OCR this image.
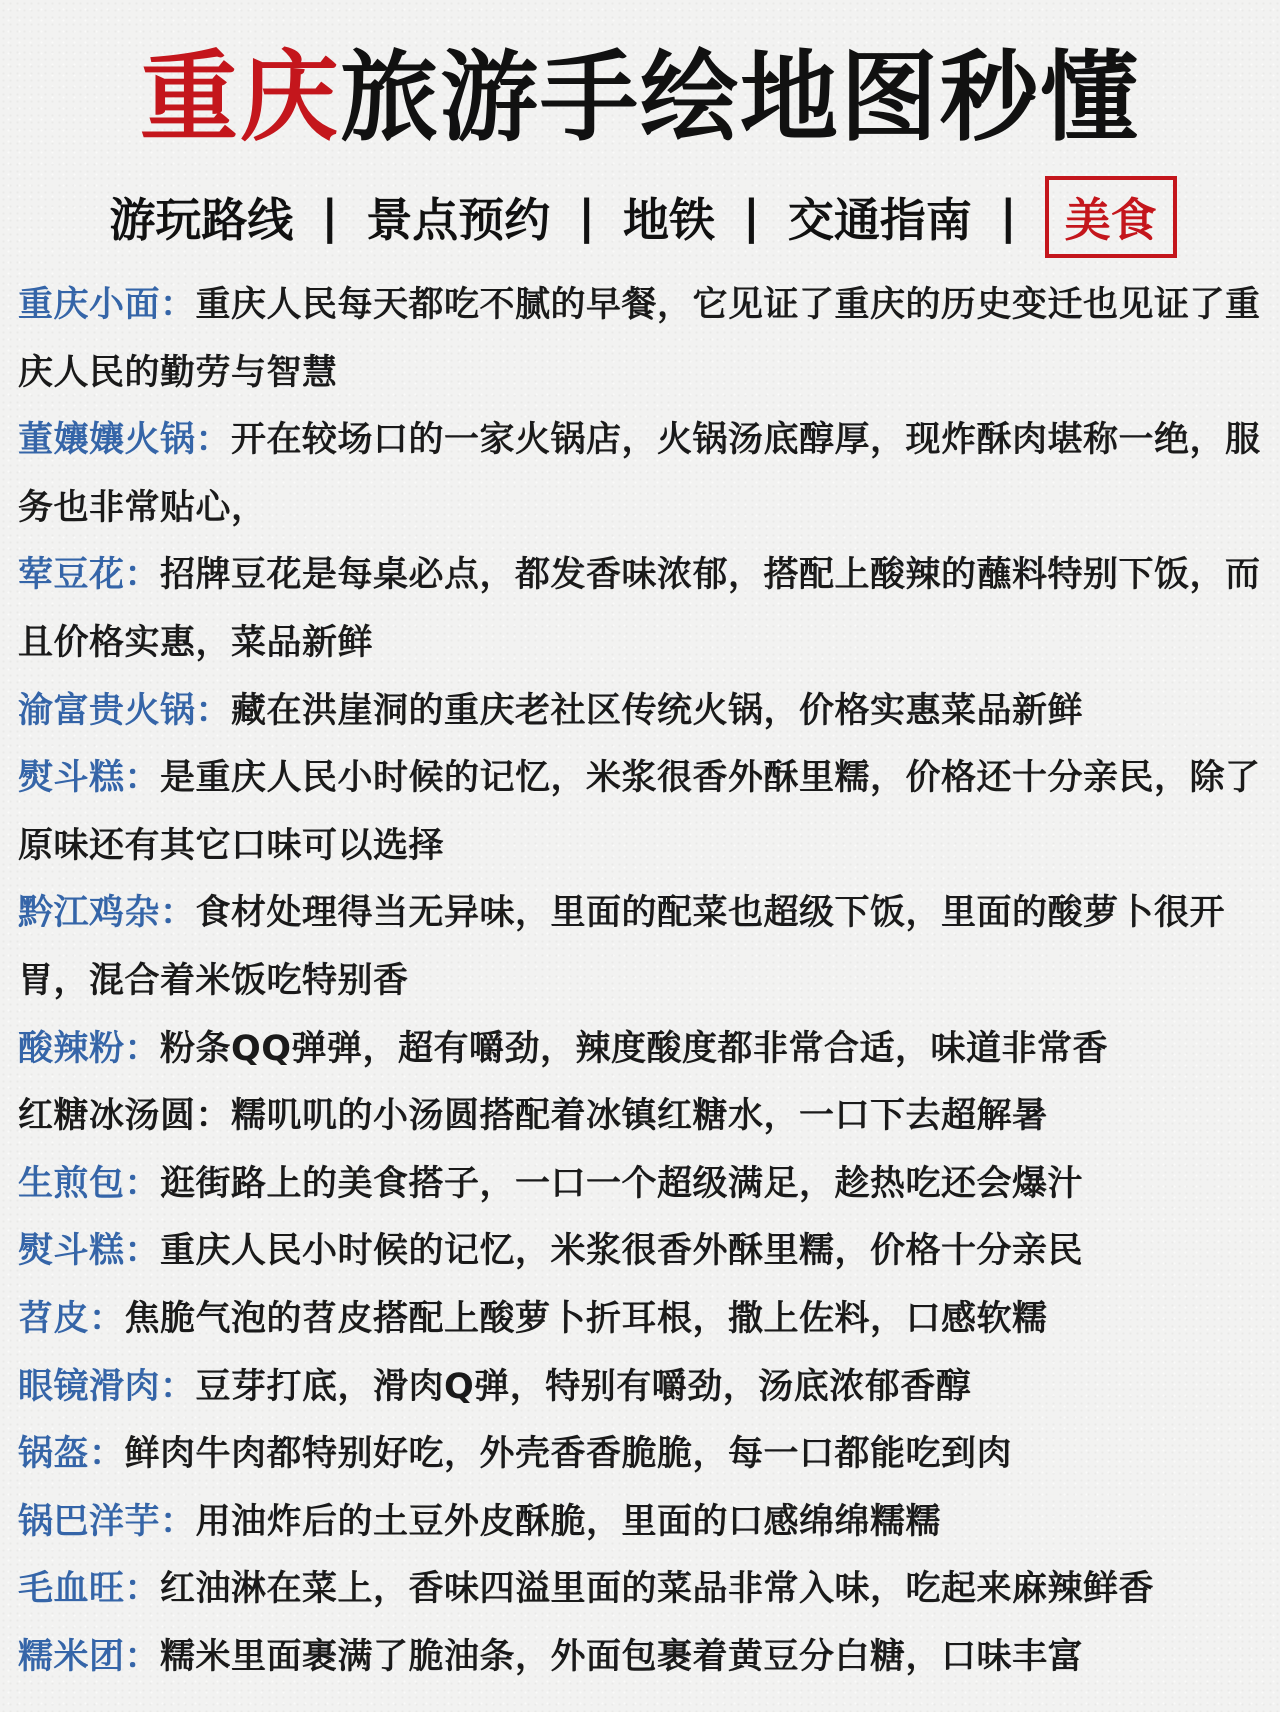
重庆旅游手绘地图秒懂
游玩路线 | 景点预约 | 地铁 | 交通指南 |	美食

重庆小面：重庆人民每天都吃不腻的早餐，它见证了重庆的历史变迁也见证了重庆人民的勤劳与智慧

董孃孃火锅：开在较场口的一家火锅店，火锅汤底醇厚，现炸酥肉堪称一绝，服务也非常贴心，

荤豆花：招牌豆花是每桌必点，都发香味浓郁，搭配上酸辣的蘸料特别下饭，而且价格实惠，菜品新鲜

渝富贵火锅：藏在洪崖洞的重庆老社区传统火锅，价格实惠菜品新鲜

熨斗糕：是重庆人民小时候的记忆，米浆很香外酥里糯，价格还十分亲民，除了原味还有其它口味可以选择

黔江鸡杂：食材处理得当无异味，里面的配菜也超级下饭，里面的酸萝卜很开胃，混合着米饭吃特别香

酸辣粉：粉条QQ弹弹，超有嚼劲，辣度酸度都非常合适，味道非常香

红糖冰汤圆：糯叽叽的小汤圆搭配着冰镇红糖水，一口下去超解暑

生煎包：逛街路上的美食搭子，一口一个超级满足，趁热吃还会爆汁

熨斗糕：重庆人民小时候的记忆，米浆很香外酥里糯，价格十分亲民

苕皮：焦脆气泡的苕皮搭配上酸萝卜折耳根，撒上佐料，口感软糯

眼镜滑肉：豆芽打底，滑肉Q弹，特别有嚼劲，汤底浓郁香醇

锅盔：鲜肉牛肉都特别好吃，外壳香香脆脆，每一口都能吃到肉

锅巴洋芋：用油炸后的土豆外皮酥脆，里面的口感绵绵糯糯

毛血旺：红油淋在菜上，香味四溢里面的菜品非常入味，吃起来麻辣鲜香

糯米团：糯米里面裹满了脆油条，外面包裹着黄豆分白糖，口味丰富
